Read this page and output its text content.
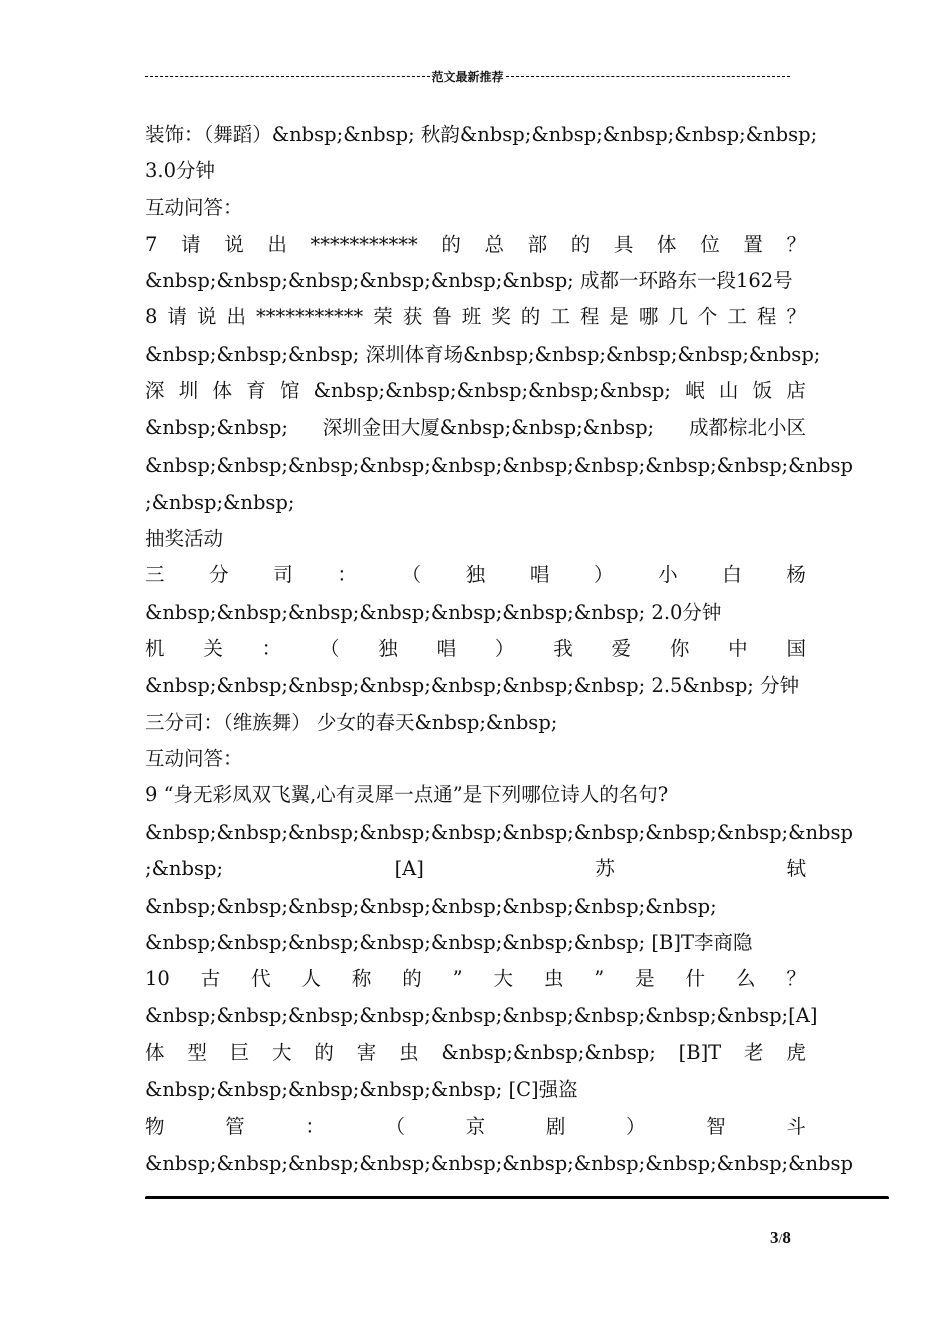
范文最新推荐
装饰：（舞蹈）&nbsp;&nbsp; 秋韵&nbsp;&nbsp;&nbsp;&nbsp;&nbsp;
3.0分钟
互动问答：
7 请 说 出 *********** 的 总 部 的 具 体 位 置 ？
&nbsp;&nbsp;&nbsp;&nbsp;&nbsp;&nbsp; 成都一环路东一段162号
8 请 说 出 *********** 荣 获 鲁 班 奖 的 工 程 是 哪 几 个 工 程 ？
&nbsp;&nbsp;&nbsp; 深圳体育场&nbsp;&nbsp;&nbsp;&nbsp;&nbsp;
深 圳 体 育 馆 &nbsp;&nbsp;&nbsp;&nbsp;&nbsp; 岷 山 饭 店
&nbsp;&nbsp; 深圳金田大厦&nbsp;&nbsp;&nbsp; 成都棕北小区
&nbsp;&nbsp;&nbsp;&nbsp;&nbsp;&nbsp;&nbsp;&nbsp;&nbsp;&nbsp
;&nbsp;&nbsp;
抽奖活动
三 分 司 ： （ 独 唱 ） 小 白 杨
&nbsp;&nbsp;&nbsp;&nbsp;&nbsp;&nbsp;&nbsp; 2.0分钟
机 关 ： （ 独 唱 ） 我 爱 你 中 国
&nbsp;&nbsp;&nbsp;&nbsp;&nbsp;&nbsp;&nbsp; 2.5&nbsp; 分钟
三分司：（维族舞） 少女的春天&nbsp;&nbsp;
互动问答：
9 “身无彩凤双飞翼,心有灵犀一点通”是下列哪位诗人的名句?
&nbsp;&nbsp;&nbsp;&nbsp;&nbsp;&nbsp;&nbsp;&nbsp;&nbsp;&nbsp
;&nbsp;	[A]	苏	轼
&nbsp;&nbsp;&nbsp;&nbsp;&nbsp;&nbsp;&nbsp;&nbsp;
&nbsp;&nbsp;&nbsp;&nbsp;&nbsp;&nbsp;&nbsp; [B]T李商隐
10 古 代 人 称 的 ” 大 虫 ” 是 什 么 ？
&nbsp;&nbsp;&nbsp;&nbsp;&nbsp;&nbsp;&nbsp;&nbsp;&nbsp; [A]
体 型 巨 大 的 害 虫 &nbsp;&nbsp;&nbsp; [B]T 老 虎
&nbsp;&nbsp;&nbsp;&nbsp;&nbsp; [C]强盗
物	管	：	（	京	剧	）	智	斗
&nbsp;&nbsp;&nbsp;&nbsp;&nbsp;&nbsp;&nbsp;&nbsp;&nbsp;&nbsp
3/8
